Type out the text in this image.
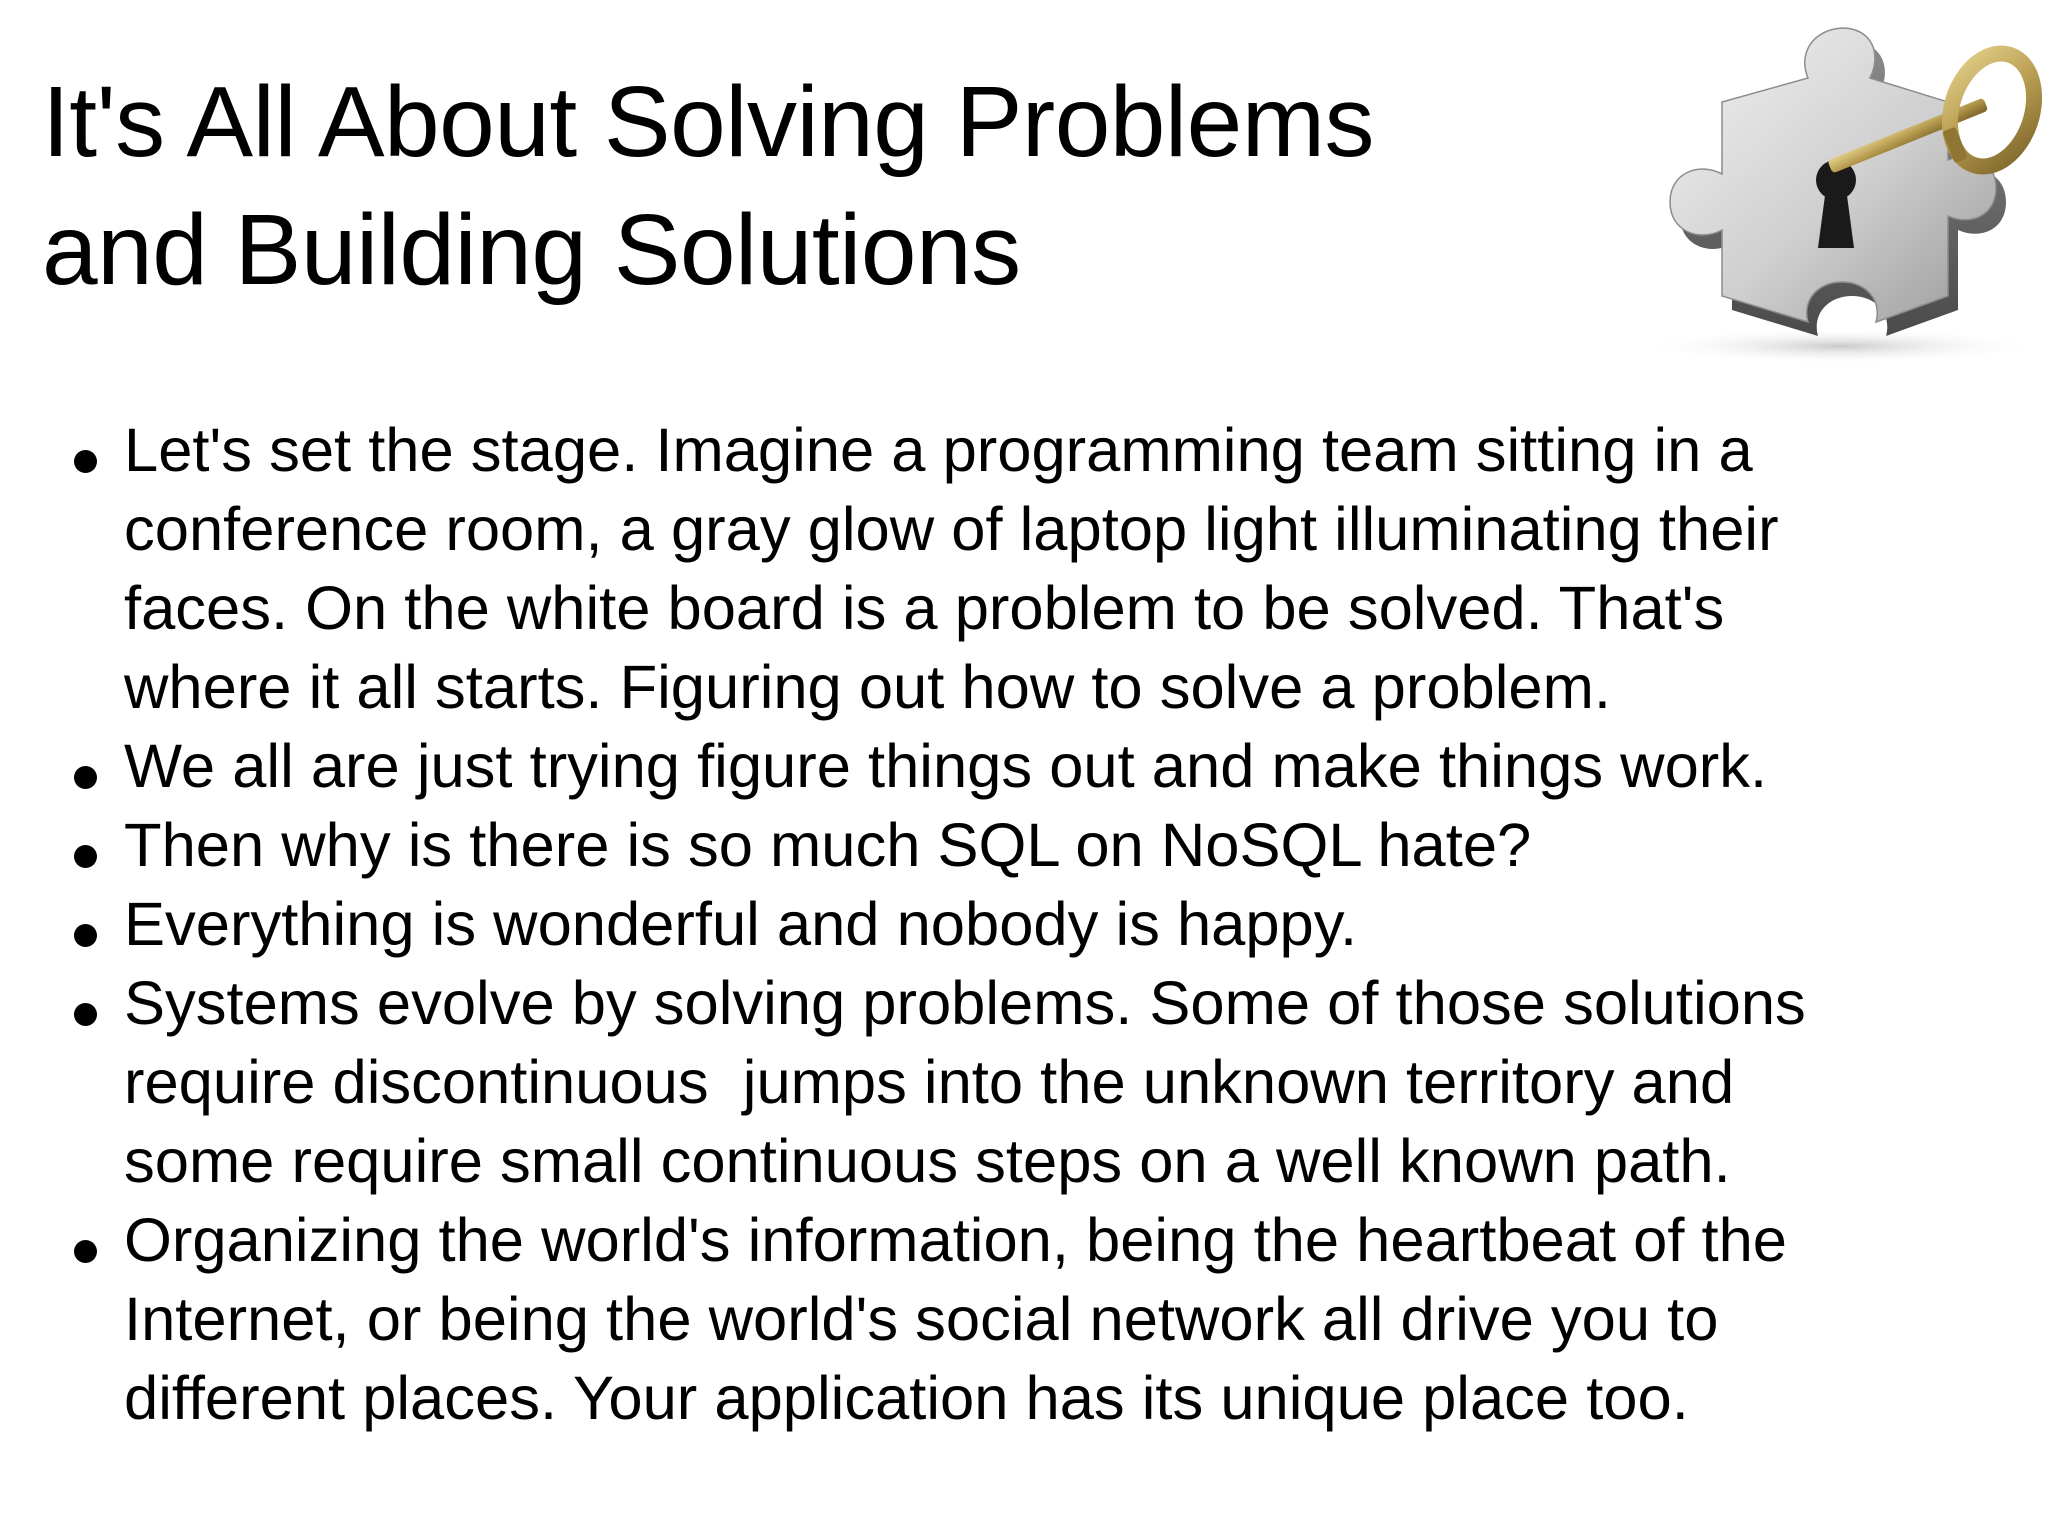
It's All About Solving Problems
and Building Solutions
Let's set the stage. Imagine a programming team sitting in a
conference room, a gray glow of laptop light illuminating their
faces. On the white board is a problem to be solved. That's
where it all starts. Figuring out how to solve a problem.
We all are just trying figure things out and make things work.
Then why is there is so much SQL on NoSQL hate?
Everything is wonderful and nobody is happy.
Systems evolve by solving problems. Some of those solutions
require discontinuous  jumps into the unknown territory and
some require small continuous steps on a well known path.
Organizing the world's information, being the heartbeat of the
Internet, or being the world's social network all drive you to
different places. Your application has its unique place too.
